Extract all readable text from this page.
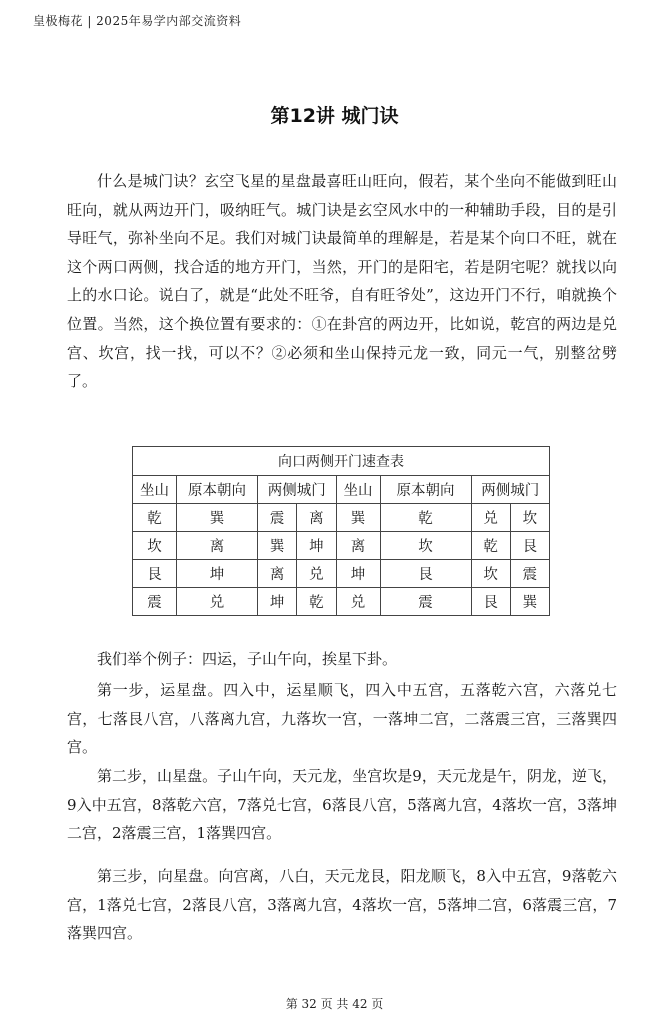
皇极梅花 | 2025年易学内部交流资料
第12讲 城门诀

什么是城门诀？玄空飞星的星盘最喜旺山旺向，假若，某个坐向不能做到旺山旺向，就从两边开门，吸纳旺气。城门诀是玄空风水中的一种辅助手段，目的是引导旺气，弥补坐向不足。我们对城门诀最简单的理解是，若是某个向口不旺，就在这个两口两侧，找合适的地方开门，当然，开门的是阳宅，若是阴宅呢？就找以向上的水口论。说白了，就是“此处不旺爷，自有旺爷处”，这边开门不行，咱就换个位置。当然，这个换位置有要求的：①在卦宫的两边开，比如说，乾宫的两边是兑宫、坎宫，找一找，可以不？②必须和坐山保持元龙一致，同元一气，别整岔劈了。

向口两侧开门速查表							
坐山	原本朝向	两侧城门		坐山	原本朝向	两侧城门	
乾	巽	震	离	巽	乾	兑	坎
坎	离	巽	坤	离	坎	乾	艮
艮	坤	离	兑	坤	艮	坎	震
震	兑	坤	乾	兑	震	艮	巽

我们举个例子：四运，子山午向，挨星下卦。

第一步，运星盘。四入中，运星顺飞，四入中五宫，五落乾六宫，六落兑七宫，七落艮八宫，八落离九宫，九落坎一宫，一落坤二宫，二落震三宫，三落巽四宫。

第二步，山星盘。子山午向，天元龙，坐宫坎是9，天元龙是午，阴龙，逆飞，9入中五宫，8落乾六宫，7落兑七宫，6落艮八宫，5落离九宫，4落坎一宫，3落坤二宫，2落震三宫，1落巽四宫。

第三步，向星盘。向宫离，八白，天元龙艮，阳龙顺飞，8入中五宫，9落乾六宫，1落兑七宫，2落艮八宫，3落离九宫，4落坎一宫，5落坤二宫，6落震三宫，7落巽四宫。

第 32 页 共 42 页
